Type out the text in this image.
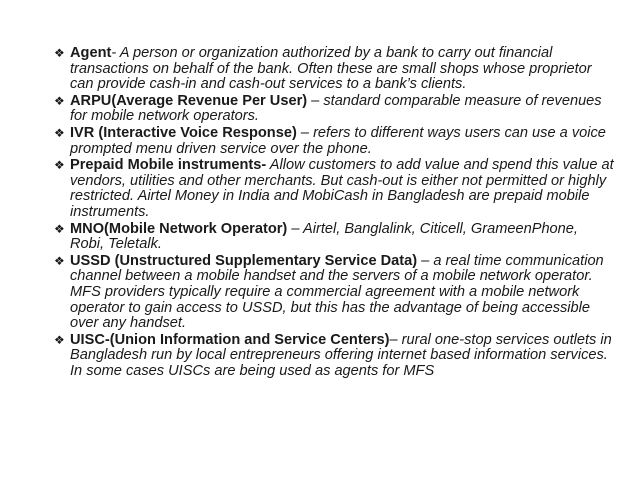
❖ Agent- A person or organization authorized by a bank to carry out financial transactions on behalf of the bank. Often these are small shops whose proprietor can provide cash-in and cash-out services to a bank’s clients.
❖ ARPU(Average Revenue Per User) – standard comparable measure of revenues for mobile network operators.
❖ IVR (Interactive Voice Response) – refers to different ways users can use a voice prompted menu driven service over the phone.
❖ Prepaid Mobile instruments- Allow customers to add value and spend this value at vendors, utilities and other merchants. But cash-out is either not permitted or highly restricted. Airtel Money in India and MobiCash in Bangladesh are prepaid mobile instruments.
❖ MNO(Mobile Network Operator) – Airtel, Banglalink, Citicell, GrameenPhone, Robi, Teletalk.
❖ USSD (Unstructured Supplementary Service Data) – a real time communication channel between a mobile handset and the servers of a mobile network operator. MFS providers typically require a commercial agreement with a mobile network operator to gain access to USSD, but this has the advantage of being accessible over any handset.
❖ UISC-(Union Information and Service Centers)– rural one-stop services outlets in Bangladesh run by local entrepreneurs offering internet based information services. In some cases UISCs are being used as agents for MFS
